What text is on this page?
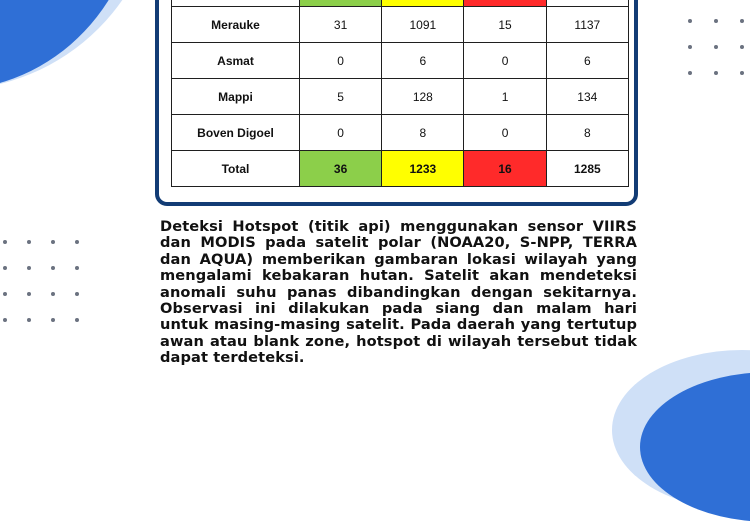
Merauke	31	1091	15	1137
Asmat	0	6	0	6
Mappi	5	128	1	134
Boven Digoel	0	8	0	8
Total	36	1233	16	1285

Deteksi Hotspot (titik api) menggunakan sensor VIIRS dan MODIS pada satelit polar (NOAA20, S-NPP, TERRA dan AQUA) memberikan gambaran lokasi wilayah yang mengalami kebakaran hutan. Satelit akan mendeteksi anomali suhu panas dibandingkan dengan sekitarnya. Observasi ini dilakukan pada siang dan malam hari untuk masing-masing satelit. Pada daerah yang tertutup awan atau blank zone, hotspot di wilayah tersebut tidak dapat terdeteksi.
